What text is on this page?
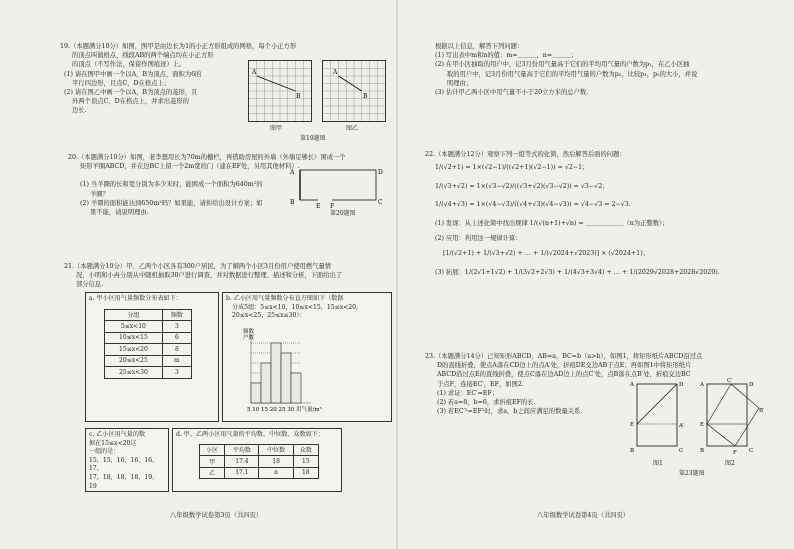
19.（本题满分10分）如图，图甲是由边长为1的小正方形组成的网格，每个小正方形

的顶点叫做格点，线段AB的两个端点均在小正方形

的顶点（不写作法，保留作图痕迹）上。

(1) 请在图甲中画一个以A，B为顶点，面积为6的

平行四边形，且点C，D在格点上；

(2) 请在图乙中画一个以A，B为顶点的菱形，且

外两个顶点C，D在格点上，并求出菱形的

边长.

A
B
A
B
图甲	图乙
第19题图

20.（本题满分10分）如图，老李想用长为70m的栅栏，再借助房屋的外墙（外墙足够长）围成一个

矩形羊圈ABCD，并在边BC上留一个2m宽的门（建在EF处，另用其他材料）.

(1) 当羊圈的长和宽分别为多少米时，能围成一个面积为640m²的

羊圈？

(2) 羊圈的面积能达到650m²吗？如果能，请你给出设计方案；如

果不能，请说明理由.

A	D
B
E F
C
第20题图

21.（本题满分10分）甲、乙两个小区各有300户居民，为了解两个小区3月份用户使用燃气量情

况，小明和小冉分别从中随机抽取30户进行调查，并对数据进行整理、描述和分析，下面给出了

部分信息.

a. 甲小区用气量频数分布表如下：
分组	频数
5≤x<10	3
10≤x<15	6
15≤x<20	8
20≤x<25	m
25≤x<30	3
b. 乙小区用气量频数分布直方图如下（数据
分成5组：5≤x<10，10≤x<15，15≤x<20，
20≤x<25，25≤x≤30）：
频数
户数
5 10 15 20 25 30 用气量/m³
c. 乙小区用气量的数
据在15≤x<20这
一组的是：
15，15，16，16，16，17，
17，18，18，18，19，19
d. 甲、乙两小区用气量的平均数、中位数、众数如下：
小区	平均数	中位数	众数
甲	17.4	18	15
乙	17.1	n	18
八年级数学试卷第3页（共四页）

根据以上信息，解答下列问题：

(1) 写出表中m和n的值：m=＿＿＿，n=＿＿＿；

(2) 在甲小区抽取的用户中，记3月份用气量高于它们的平均用气量的户数为p₁，在乙小区抽

取的用户中，记3月份用气量高于它们的平均用气量的户数为p₂，比较p₁，p₂的大小，并说

明理由；

(3) 估计甲乙两小区中用气量不小于20立方米的总户数.

22.（本题满分12分）观察下列一组等式的化简，然后解答后面的问题：

1/(√2+1) = 1×(√2−1)/((√2+1)(√2−1)) = √2−1；

1/(√3+√2) = 1×(√3−√2)/((√3+√2)(√3−√2)) = √3−√2；

1/(√4+√3) = 1×(√4−√3)/((√4+√3)(√4−√3)) = √4−√3 = 2−√3.

(1) 发现：从上述化简中找出规律 1/(√(n+1)+√n) = ＿＿＿＿＿＿（n为正整数）；

(2) 应用：利用这一规律计算：

[1/(√2+1) + 1/(√3+√2) + … + 1/(√2024+√2023)] × (√2024+1)；

(3) 拓展：1/(2√1+1√2) + 1/(3√2+2√3) + 1/(4√3+3√4) + … + 1/(2029√2028+2028√2029).

23.（本题满分14分）已知矩形ABCD，AB=a，BC=b（a>b），如图1，将矩形纸片ABCD沿过点

D的直线折叠，使点A落在CD边上的点A′处，折痕DE交边AB于点E；再如图1中将矩形纸片

ABCD沿过点E的直线折叠，使点C落在边AD边上的点C′处，点B落在点B′处，折痕交边BC

于点F，连接EC′，EF，如图2.

(1) 求证：EC′=EF；

(2) 若a=8，b=6，求折痕EF的长.

(3) 若EC′²=EF²时，求a，b之间应满足的数量关系.

A	D
A′
E
B	C
A
C′
D
E
B
B′
F C
图1	图2
第23题图
八年级数学试卷第4页（共四页）
